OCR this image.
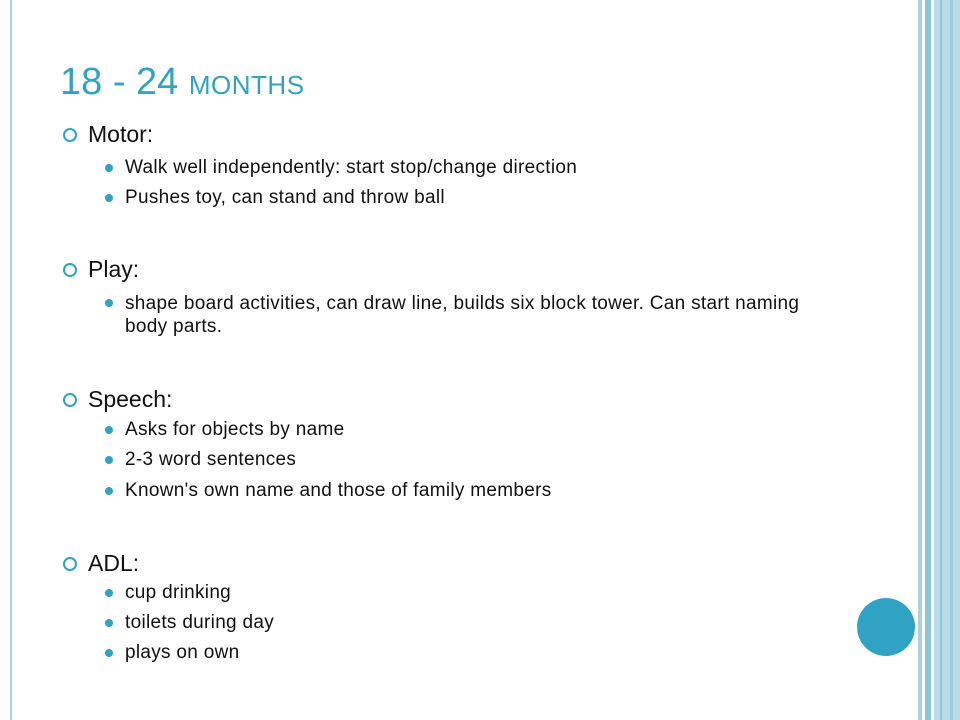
18 - 24 MONTHS
Motor:
Walk well independently: start stop/change direction
Pushes toy, can stand and throw ball
Play:
shape board activities, can draw line, builds six block tower. Can start naming body parts.
Speech:
Asks for objects by name
2-3 word sentences
Known's own name and those of family members
ADL:
cup drinking
toilets during day
plays on own
